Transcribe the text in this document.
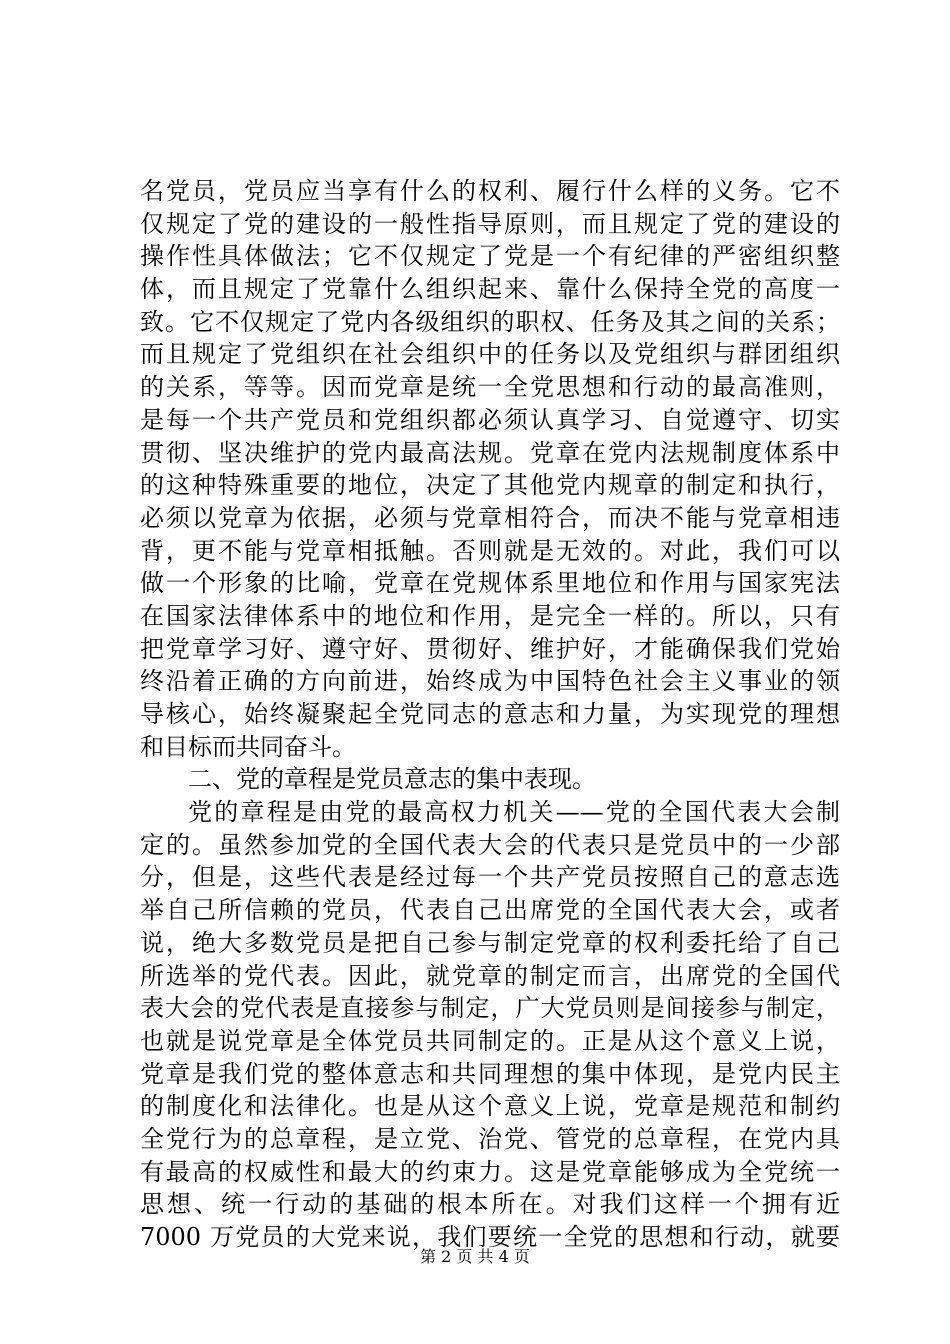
名党员，党员应当享有什么的权利、履行什么样的义务。它不
仅规定了党的建设的一般性指导原则，而且规定了党的建设的
操作性具体做法；它不仅规定了党是一个有纪律的严密组织整
体，而且规定了党靠什么组织起来、靠什么保持全党的高度一
致。它不仅规定了党内各级组织的职权、任务及其之间的关系；
而且规定了党组织在社会组织中的任务以及党组织与群团组织
的关系，等等。因而党章是统一全党思想和行动的最高准则，
是每一个共产党员和党组织都必须认真学习、自觉遵守、切实
贯彻、坚决维护的党内最高法规。党章在党内法规制度体系中
的这种特殊重要的地位，决定了其他党内规章的制定和执行，
必须以党章为依据，必须与党章相符合，而决不能与党章相违
背，更不能与党章相抵触。否则就是无效的。对此，我们可以
做一个形象的比喻，党章在党规体系里地位和作用与国家宪法
在国家法律体系中的地位和作用，是完全一样的。所以，只有
把党章学习好、遵守好、贯彻好、维护好，才能确保我们党始
终沿着正确的方向前进，始终成为中国特色社会主义事业的领
导核心，始终凝聚起全党同志的意志和力量，为实现党的理想
和目标而共同奋斗。
二、党的章程是党员意志的集中表现。
党的章程是由党的最高权力机关——党的全国代表大会制
定的。虽然参加党的全国代表大会的代表只是党员中的一少部
分，但是，这些代表是经过每一个共产党员按照自己的意志选
举自己所信赖的党员，代表自己出席党的全国代表大会，或者
说，绝大多数党员是把自己参与制定党章的权利委托给了自己
所选举的党代表。因此，就党章的制定而言，出席党的全国代
表大会的党代表是直接参与制定，广大党员则是间接参与制定，
也就是说党章是全体党员共同制定的。正是从这个意义上说，
党章是我们党的整体意志和共同理想的集中体现，是党内民主
的制度化和法律化。也是从这个意义上说，党章是规范和制约
全党行为的总章程，是立党、治党、管党的总章程，在党内具
有最高的权威性和最大的约束力。这是党章能够成为全党统一
思想、统一行动的基础的根本所在。对我们这样一个拥有近
7000 万党员的大党来说，我们要统一全党的思想和行动，就要
第 2 页 共 4 页
